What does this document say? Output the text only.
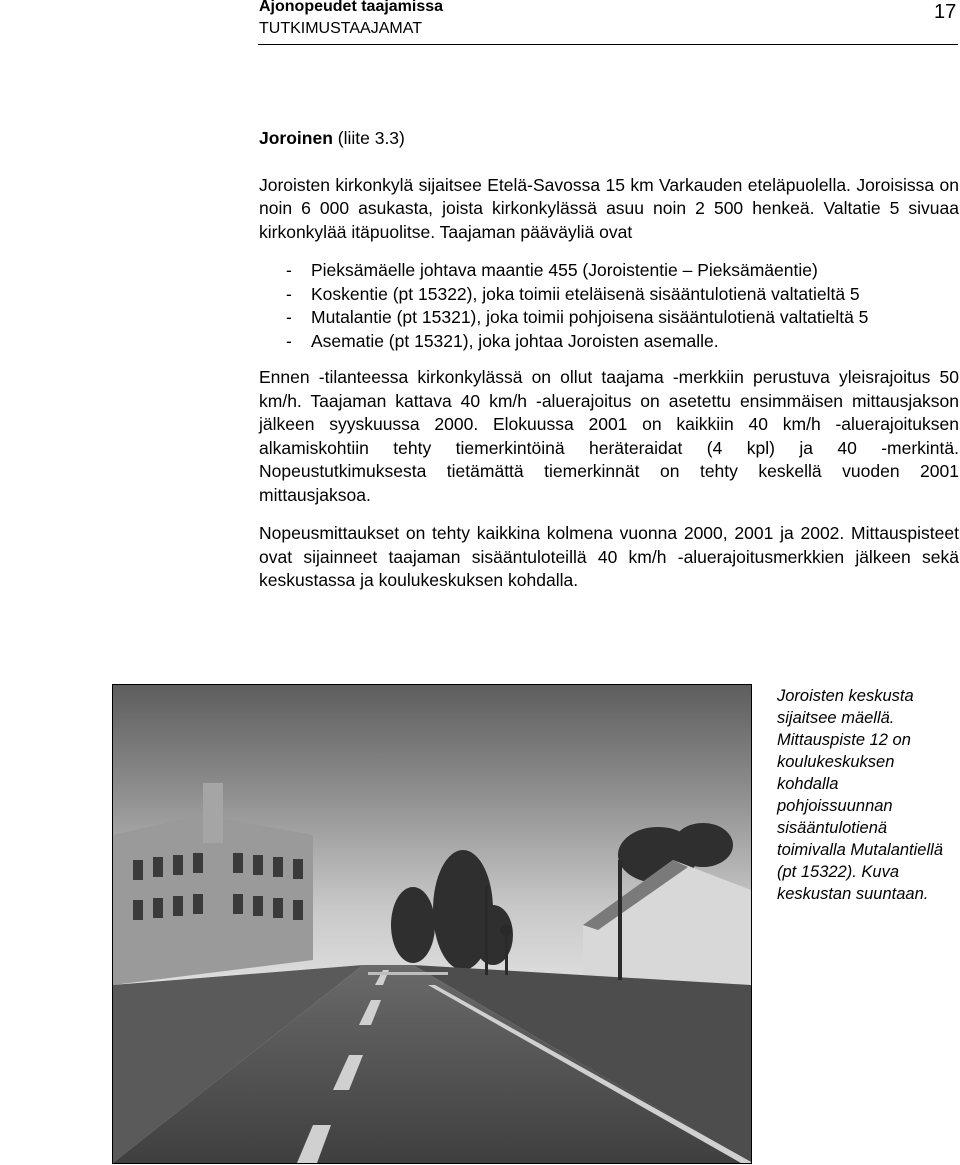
Ajonopeudet taajamissa
TUTKIMUSTAAJAMAT
17

Joroinen (liite 3.3)

Joroisten kirkonkylä sijaitsee Etelä-Savossa 15 km Varkauden eteläpuolella. Joroisissa on noin 6 000 asukasta, joista kirkonkylässä asuu noin 2 500 henkeä. Valtatie 5 sivuaa kirkonkylää itäpuolitse. Taajaman pääväyliä ovat

- Pieksämäelle johtava maantie 455 (Joroistentie – Pieksämäentie)
- Koskentie (pt 15322), joka toimii eteläisenä sisääntulotienä valtatieltä 5
- Mutalantie (pt 15321), joka toimii pohjoisena sisääntulotienä valtatieltä 5
- Asematie (pt 15321), joka johtaa Joroisten asemalle.

Ennen -tilanteessa kirkonkylässä on ollut taajama -merkkiin perustuva yleisrajoitus 50 km/h. Taajaman kattava 40 km/h -aluerajoitus on asetettu ensimmäisen mittausjakson jälkeen syyskuussa 2000. Elokuussa 2001 on kaikkiin 40 km/h -aluerajoituksen alkamiskohtiin tehty tiemerkintöinä heräteraidat (4 kpl) ja 40 -merkintä. Nopeustutkimuksesta tietämättä tiemerkinnät on tehty keskellä vuoden 2001 mittausjaksoa.

Nopeusmittaukset on tehty kaikkina kolmena vuonna 2000, 2001 ja 2002. Mittauspisteet ovat sijainneet taajaman sisääntuloteillä 40 km/h -aluerajoitusmerkkien jälkeen sekä keskustassa ja koulukeskuksen kohdalla.

Joroisten keskusta sijaitsee mäellä. Mittauspiste 12 on koulukeskuksen kohdalla pohjoissuunnan sisääntulotienä toimivalla Mutalantiellä (pt 15322). Kuva keskustan suuntaan.
